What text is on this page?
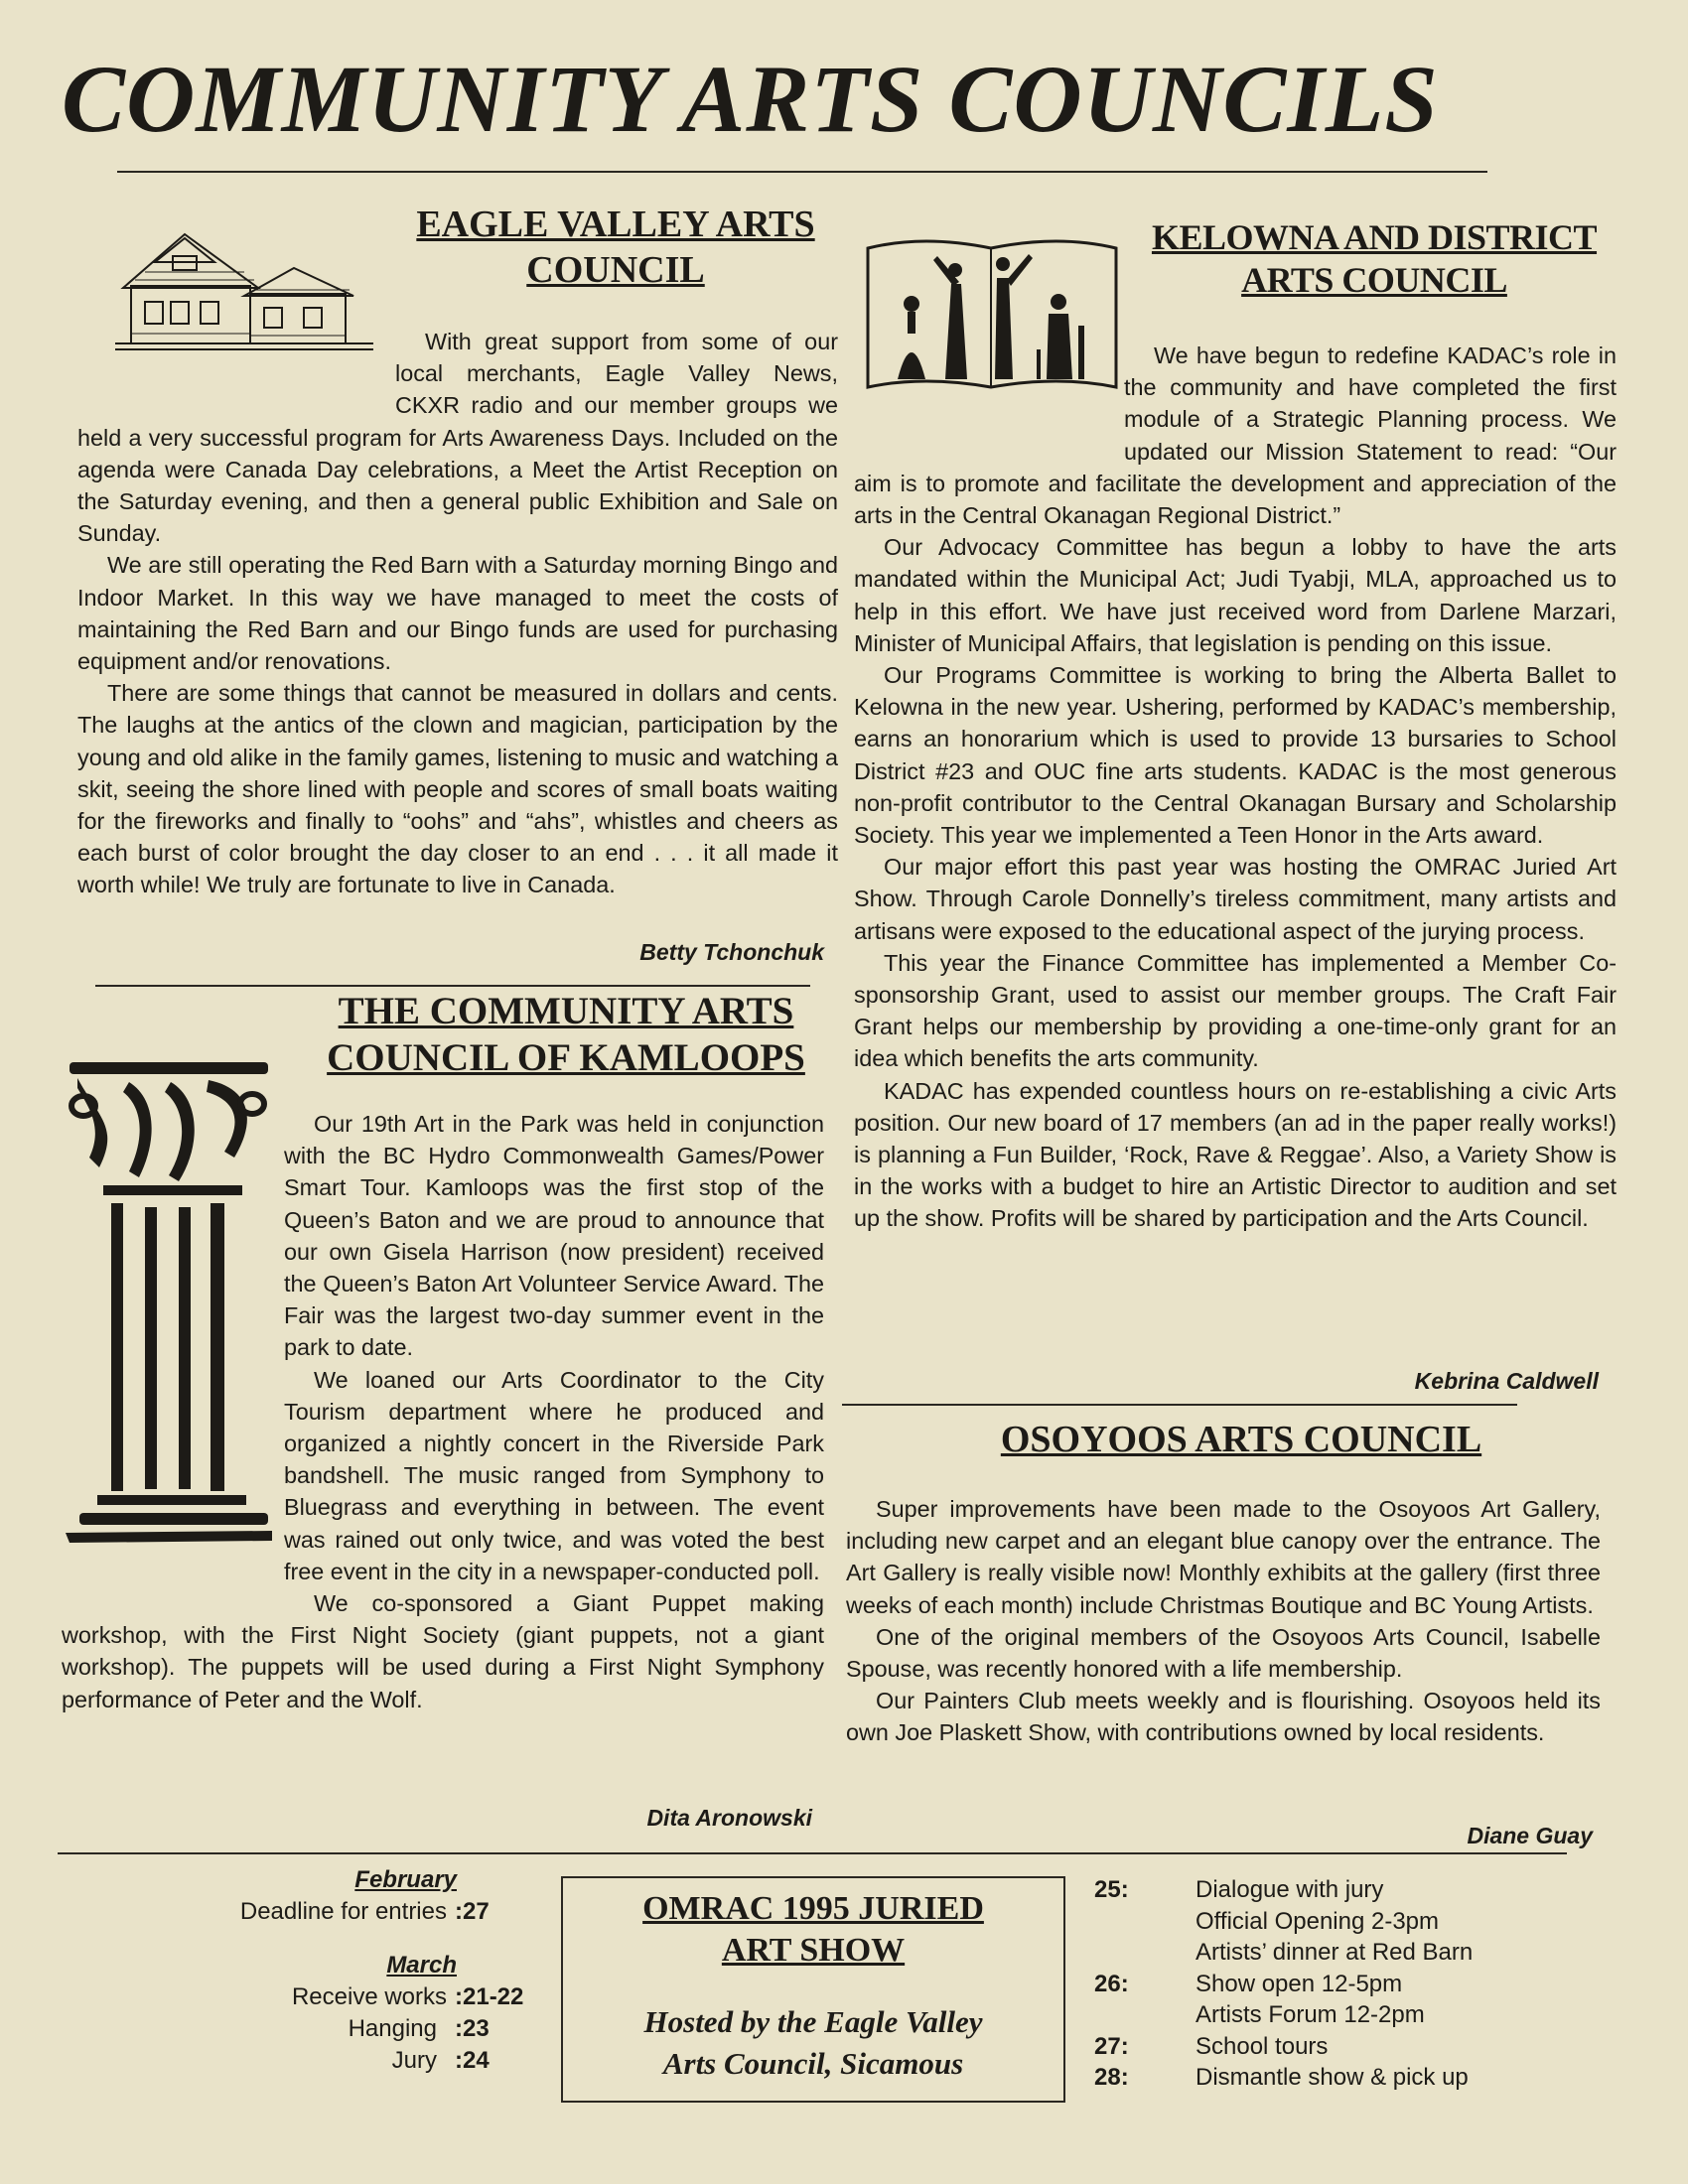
COMMUNITY ARTS COUNCILS
EAGLE VALLEY ARTS
COUNCIL

With great support from some of our local merchants, Eagle Valley News, CKXR radio and our member groups we held a very successful program for Arts Awareness Days. Included on the agenda were Canada Day celebrations, a Meet the Artist Reception on the Saturday evening, and then a general public Exhibition and Sale on Sunday.

We are still operating the Red Barn with a Saturday morning Bingo and Indoor Market. In this way we have managed to meet the costs of maintaining the Red Barn and our Bingo funds are used for purchasing equipment and/or renovations.

There are some things that cannot be measured in dollars and cents. The laughs at the antics of the clown and magician, participation by the young and old alike in the family games, listening to music and watching a skit, seeing the shore lined with people and scores of small boats waiting for the fireworks and finally to “oohs” and “ahs”, whistles and cheers as each burst of color brought the day closer to an end . . . it all made it worth while! We truly are fortunate to live in Canada.

Betty Tchonchuk
THE COMMUNITY ARTS
COUNCIL OF KAMLOOPS

Our 19th Art in the Park was held in conjunction with the BC Hydro Commonwealth Games/Power Smart Tour. Kamloops was the first stop of the Queen’s Baton and we are proud to announce that our own Gisela Harrison (now president) received the Queen’s Baton Art Volunteer Service Award. The Fair was the largest two-day summer event in the park to date.

We loaned our Arts Coordinator to the City Tourism department where he produced and organized a nightly concert in the Riverside Park bandshell. The music ranged from Symphony to Bluegrass and everything in between. The event was rained out only twice, and was voted the best free event in the city in a newspaper-conducted poll.

We co-sponsored a Giant Puppet making workshop, with the First Night Society (giant puppets, not a giant workshop). The puppets will be used during a First Night Symphony performance of Peter and the Wolf.

Dita Aronowski
KELOWNA AND DISTRICT
ARTS COUNCIL

We have begun to redefine KADAC’s role in the community and have completed the first module of a Strategic Planning process. We updated our Mission Statement to read: “Our aim is to promote and facilitate the development and appreciation of the arts in the Central Okanagan Regional District.”

Our Advocacy Committee has begun a lobby to have the arts mandated within the Municipal Act; Judi Tyabji, MLA, approached us to help in this effort. We have just received word from Darlene Marzari, Minister of Municipal Affairs, that legislation is pending on this issue.

Our Programs Committee is working to bring the Alberta Ballet to Kelowna in the new year. Ushering, performed by KADAC’s membership, earns an honorarium which is used to provide 13 bursaries to School District #23 and OUC fine arts students. KADAC is the most generous non-profit contributor to the Central Okanagan Bursary and Scholarship Society. This year we implemented a Teen Honor in the Arts award.

Our major effort this past year was hosting the OMRAC Juried Art Show. Through Carole Donnelly’s tireless commitment, many artists and artisans were exposed to the educational aspect of the jurying process.

This year the Finance Committee has implemented a Member Co-sponsorship Grant, used to assist our member groups. The Craft Fair Grant helps our membership by providing a one-time-only grant for an idea which benefits the arts community.

KADAC has expended countless hours on re-establishing a civic Arts position. Our new board of 17 members (an ad in the paper really works!) is planning a Fun Builder, ‘Rock, Rave & Reggae’. Also, a Variety Show is in the works with a budget to hire an Artistic Director to audition and set up the show. Profits will be shared by participation and the Arts Council.

Kebrina Caldwell
OSOYOOS ARTS COUNCIL

Super improvements have been made to the Osoyoos Art Gallery, including new carpet and an elegant blue canopy over the entrance. The Art Gallery is really visible now! Monthly exhibits at the gallery (first three weeks of each month) include Christmas Boutique and BC Young Artists.

One of the original members of the Osoyoos Arts Council, Isabelle Spouse, was recently honored with a life membership.

Our Painters Club meets weekly and is flourishing. Osoyoos held its own Joe Plaskett Show, with contributions owned by local residents.

Diane Guay
February
Deadline for entries :27
March
Receive works :21-22
Hanging :23
Jury :24
OMRAC 1995 JURIED
ART SHOW
Hosted by the Eagle Valley
Arts Council, Sicamous
25:	Dialogue with jury
Official Opening 2-3pm
Artists’ dinner at Red Barn
26:	Show open 12-5pm
Artists Forum 12-2pm
27:	School tours
28:	Dismantle show & pick up
